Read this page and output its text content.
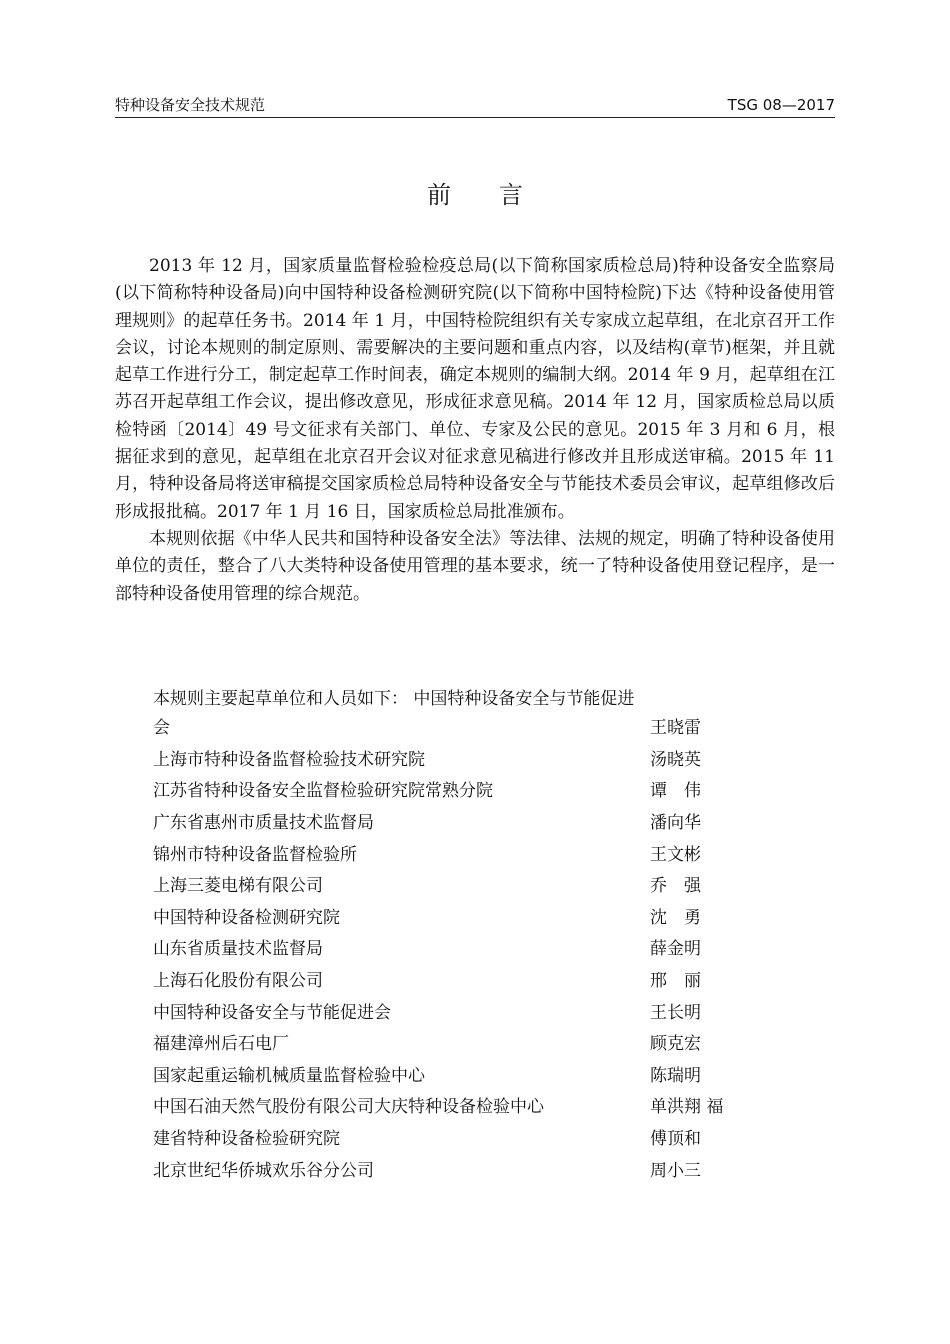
特种设备安全技术规范	TSG 08—2017
前言

2013 年 12 月，国家质量监督检验检疫总局(以下简称国家质检总局)特种设备安全监察局(以下简称特种设备局)向中国特种设备检测研究院(以下简称中国特检院)下达《特种设备使用管理规则》的起草任务书。2014 年 1 月，中国特检院组织有关专家成立起草组，在北京召开工作会议，讨论本规则的制定原则、需要解决的主要问题和重点内容，以及结构(章节)框架，并且就起草工作进行分工，制定起草工作时间表，确定本规则的编制大纲。2014 年 9 月，起草组在江苏召开起草组工作会议，提出修改意见，形成征求意见稿。2014 年 12 月，国家质检总局以质检特函〔2014〕49 号文征求有关部门、单位、专家及公民的意见。2015 年 3 月和 6 月，根据征求到的意见，起草组在北京召开会议对征求意见稿进行修改并且形成送审稿。2015 年 11 月，特种设备局将送审稿提交国家质检总局特种设备安全与节能技术委员会审议，起草组修改后形成报批稿。2017 年 1 月 16 日，国家质检总局批准颁布。

本规则依据《中华人民共和国特种设备安全法》等法律、法规的规定，明确了特种设备使用单位的责任，整合了八大类特种设备使用管理的基本要求，统一了特种设备使用登记程序，是一部特种设备使用管理的综合规范。

本规则主要起草单位和人员如下： 中国特种设备安全与节能促进

会	王晓雷
上海市特种设备监督检验技术研究院	汤晓英
江苏省特种设备安全监督检验研究院常熟分院	谭　伟
广东省惠州市质量技术监督局	潘向华
锦州市特种设备监督检验所	王文彬
上海三菱电梯有限公司	乔　强
中国特种设备检测研究院	沈　勇
山东省质量技术监督局	薛金明
上海石化股份有限公司	邢　丽
中国特种设备安全与节能促进会	王长明
福建漳州后石电厂	顾克宏
国家起重运输机械质量监督检验中心	陈瑞明
中国石油天然气股份有限公司大庆特种设备检验中心	单洪翔 福
建省特种设备检验研究院	傅顶和
北京世纪华侨城欢乐谷分公司	周小三
